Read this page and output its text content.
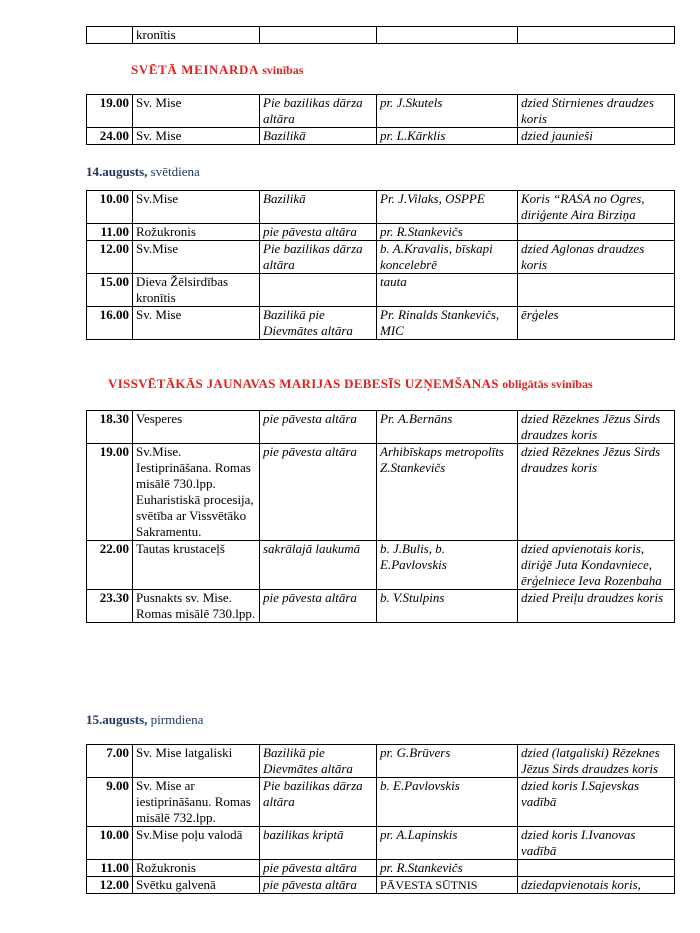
	kronītis			
SVĒTĀ MEINARDA svinības
19.00	Sv. Mise	Pie bazilikas dārza altāra	pr. J.Skutels	dzied Stirnienes draudzes koris
24.00	Sv. Mise	Bazilikā	pr. L.Kārklis	dzied jaunieši
14.augusts, svētdiena
10.00	Sv.Mise	Bazilikā	Pr. J.Vilaks, OSPPE	Koris “RASA no Ogres, diriģente Aira Birziņa
11.00	Rožukronis	pie pāvesta altāra	pr. R.Stankevičs	
12.00	Sv.Mise	Pie bazilikas dārza altāra	b. A.Kravalis, bīskapi koncelebrē	dzied Aglonas draudzes koris
15.00	Dieva Žēlsirdības kronītis		tauta	
16.00	Sv. Mise	Bazilikā pie Dievmātes altāra	Pr. Rinalds Stankevičs, MIC	ērģeles
VISSVĒTĀKĀS JAUNAVAS MARIJAS DEBESĪS UZŅEMŠANAS obligātās svinības
18.30	Vesperes	pie pāvesta altāra	Pr. A.Bernāns	dzied Rēzeknes Jēzus Sirds draudzes koris
19.00	Sv.Mise. Iestiprināšana. Romas misālē 730.lpp. Euharistiskā procesija, svētība ar Vissvētāko Sakramentu.	pie pāvesta altāra	Arhibīskaps metropolīts Z.Stankevičs	dzied Rēzeknes Jēzus Sirds draudzes koris
22.00	Tautas krustaceļš	sakrālajā laukumā	b. J.Bulis, b. E.Pavlovskis	dzied apvienotais koris, diriģē Juta Kondavniece, ērģelniece Ieva Rozenbaha
23.30	Pusnakts sv. Mise. Romas misālē 730.lpp.	pie pāvesta altāra	b. V.Stulpins	dzied Preiļu draudzes koris
15.augusts, pirmdiena
7.00	Sv. Mise latgaliski	Bazilikā pie Dievmātes altāra	pr. G.Brūvers	dzied (latgaliski) Rēzeknes Jēzus Sirds draudzes koris
9.00	Sv. Mise ar iestiprināšanu. Romas misālē 732.lpp.	Pie bazilikas dārza altāra	b. E.Pavlovskis	dzied koris I.Sajevskas vadībā
10.00	Sv.Mise poļu valodā	bazilikas kriptā	pr. A.Lapinskis	dzied koris I.Ivanovas vadībā
11.00	Rožukronis	pie pāvesta altāra	pr. R.Stankevičs	
12.00	Svētku galvenā	pie pāvesta altāra	PĀVESTA SŪTNIS	dziedapvienotais koris,
